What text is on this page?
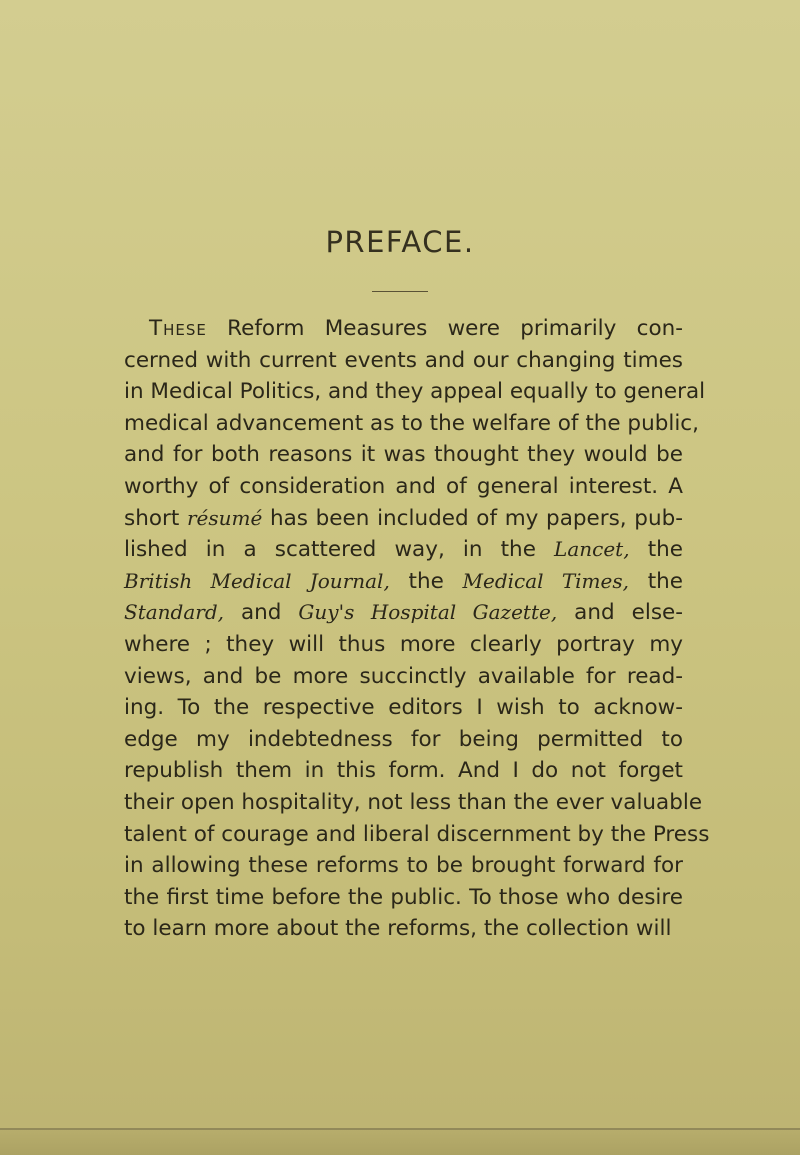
PREFACE.
These Reform Measures were primarily con-
cerned with current events and our changing times
in Medical Politics, and they appeal equally to general
medical advancement as to the welfare of the public,
and for both reasons it was thought they would be
worthy of consideration and of general interest. A
short résumé has been included of my papers, pub-
lished in a scattered way, in the Lancet, the
British Medical Journal, the Medical Times, the
Standard, and Guy's Hospital Gazette, and else-
where ; they will thus more clearly portray my
views, and be more succinctly available for read-
ing. To the respective editors I wish to acknow-
edge my indebtedness for being permitted to
republish them in this form. And I do not forget
their open hospitality, not less than the ever valuable
talent of courage and liberal discernment by the Press
in allowing these reforms to be brought forward for
the first time before the public. To those who desire
to learn more about the reforms, the collection will
